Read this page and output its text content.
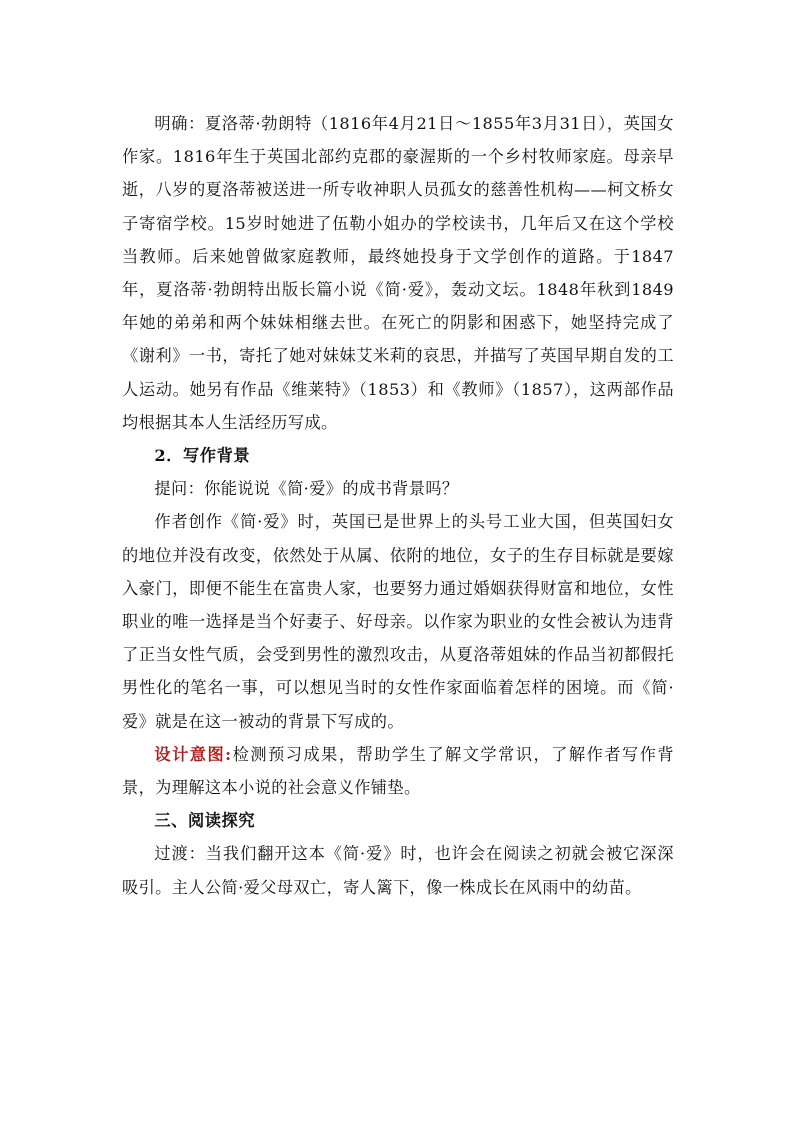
明确：夏洛蒂·勃朗特（1816年4月21日～1855年3月31日），英国女作家。1816年生于英国北部约克郡的豪渥斯的一个乡村牧师家庭。母亲早逝，八岁的夏洛蒂被送进一所专收神职人员孤女的慈善性机构——柯文桥女子寄宿学校。15岁时她进了伍勒小姐办的学校读书，几年后又在这个学校当教师。后来她曾做家庭教师，最终她投身于文学创作的道路。于1847年，夏洛蒂·勃朗特出版长篇小说《简·爱》，轰动文坛。1848年秋到1849年她的弟弟和两个妹妹相继去世。在死亡的阴影和困惑下，她坚持完成了《谢利》一书，寄托了她对妹妹艾米莉的哀思，并描写了英国早期自发的工人运动。她另有作品《维莱特》（1853）和《教师》（1857），这两部作品均根据其本人生活经历写成。

2．写作背景

提问：你能说说《简·爱》的成书背景吗？

作者创作《简·爱》时，英国已是世界上的头号工业大国，但英国妇女的地位并没有改变，依然处于从属、依附的地位，女子的生存目标就是要嫁入豪门，即便不能生在富贵人家，也要努力通过婚姻获得财富和地位，女性职业的唯一选择是当个好妻子、好母亲。以作家为职业的女性会被认为违背了正当女性气质，会受到男性的激烈攻击，从夏洛蒂姐妹的作品当初都假托男性化的笔名一事，可以想见当时的女性作家面临着怎样的困境。而《简·爱》就是在这一被动的背景下写成的。

设计意图:检测预习成果，帮助学生了解文学常识，了解作者写作背景，为理解这本小说的社会意义作铺垫。

三、阅读探究

过渡：当我们翻开这本《简·爱》时，也许会在阅读之初就会被它深深吸引。主人公简·爱父母双亡，寄人篱下，像一株成长在风雨中的幼苗。
